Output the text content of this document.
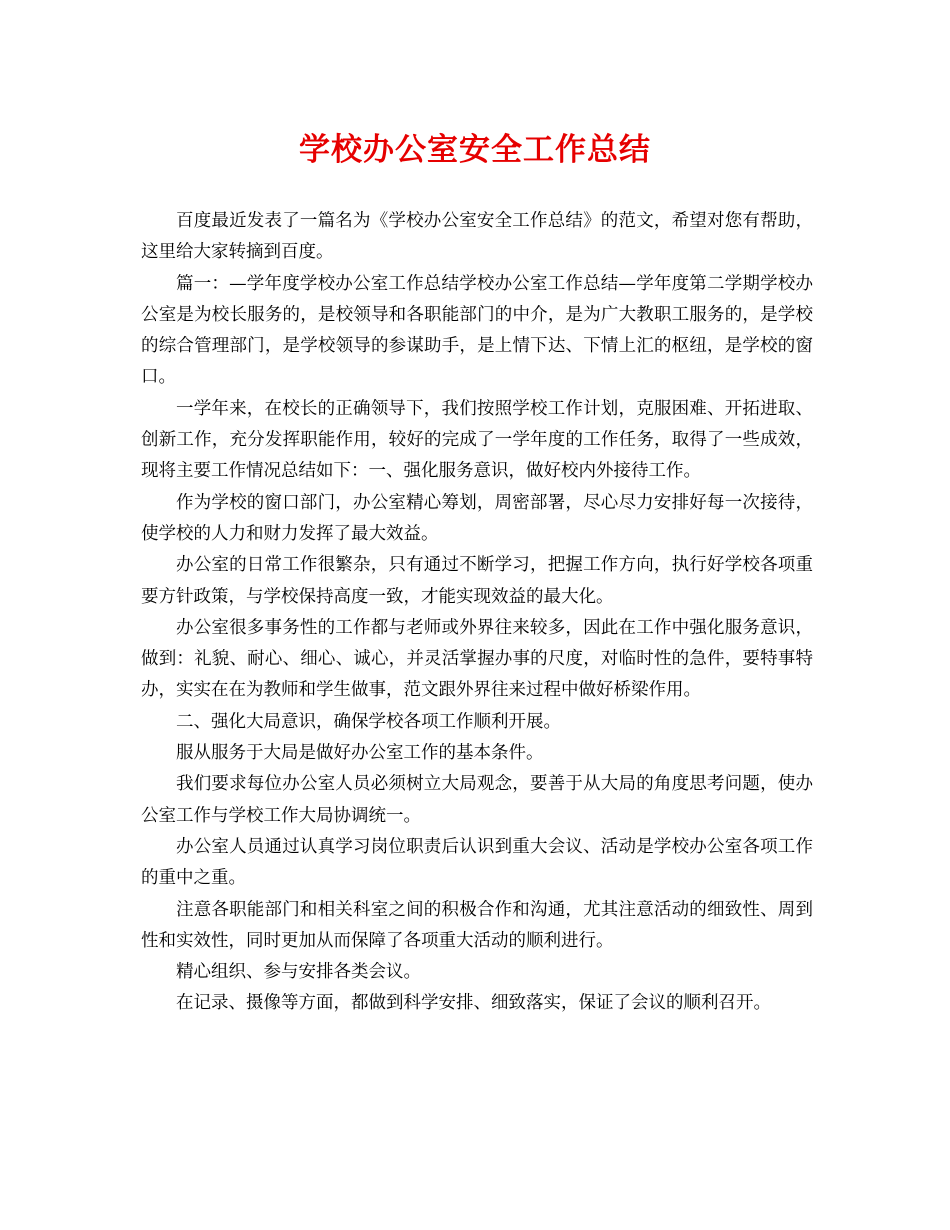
学校办公室安全工作总结

百度最近发表了一篇名为《学校办公室安全工作总结》的范文，希望对您有帮助，这里给大家转摘到百度。

篇一：—学年度学校办公室工作总结学校办公室工作总结—学年度第二学期学校办公室是为校长服务的，是校领导和各职能部门的中介，是为广大教职工服务的，是学校的综合管理部门，是学校领导的参谋助手，是上情下达、下情上汇的枢纽，是学校的窗口。

一学年来，在校长的正确领导下，我们按照学校工作计划，克服困难、开拓进取、创新工作，充分发挥职能作用，较好的完成了一学年度的工作任务，取得了一些成效，现将主要工作情况总结如下：一、强化服务意识，做好校内外接待工作。

作为学校的窗口部门，办公室精心筹划，周密部署，尽心尽力安排好每一次接待，使学校的人力和财力发挥了最大效益。

办公室的日常工作很繁杂，只有通过不断学习，把握工作方向，执行好学校各项重要方针政策，与学校保持高度一致，才能实现效益的最大化。

办公室很多事务性的工作都与老师或外界往来较多，因此在工作中强化服务意识，做到：礼貌、耐心、细心、诚心，并灵活掌握办事的尺度，对临时性的急件，要特事特办，实实在在为教师和学生做事，范文跟外界往来过程中做好桥梁作用。

二、强化大局意识，确保学校各项工作顺利开展。

服从服务于大局是做好办公室工作的基本条件。

我们要求每位办公室人员必须树立大局观念，要善于从大局的角度思考问题，使办公室工作与学校工作大局协调统一。

办公室人员通过认真学习岗位职责后认识到重大会议、活动是学校办公室各项工作的重中之重。

注意各职能部门和相关科室之间的积极合作和沟通，尤其注意活动的细致性、周到性和实效性，同时更加从而保障了各项重大活动的顺利进行。

精心组织、参与安排各类会议。

在记录、摄像等方面，都做到科学安排、细致落实，保证了会议的顺利召开。
